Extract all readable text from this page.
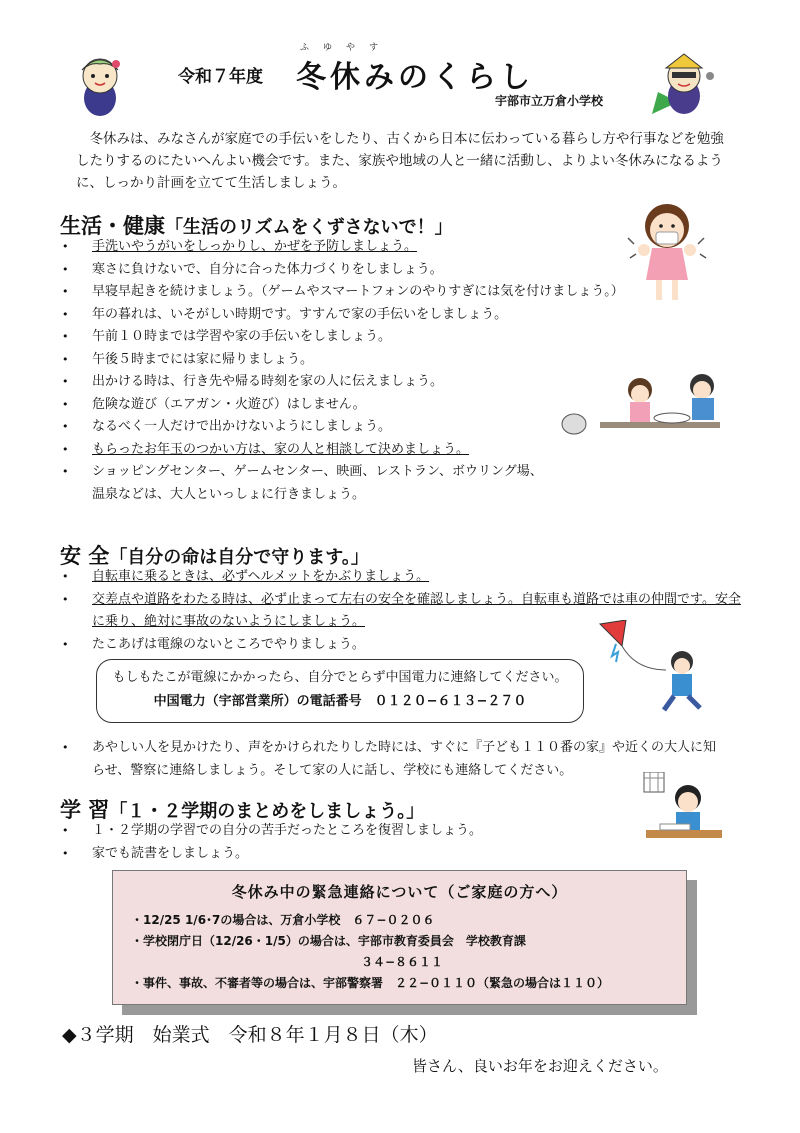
令和７年度
ふゆやす
冬休みのくらし
宇部市立万倉小学校
冬休みは、みなさんが家庭での手伝いをしたり、古くから日本に伝わっている暮らし方や行事などを勉強したりするのにたいへんよい機会です。また、家族や地域の人と一緒に活動し、よりよい冬休みになるように、しっかり計画を立てて生活しましょう。
生活・健康「生活のリズムをくずさないで！」
• 手洗いやうがいをしっかりし、かぜを予防しましょう。
• 寒さに負けないで、自分に合った体力づくりをしましょう。
• 早寝早起きを続けましょう。（ゲームやスマートフォンのやりすぎには気を付けましょう。）
• 年の暮れは、いそがしい時期です。すすんで家の手伝いをしましょう。
• 午前１０時までは学習や家の手伝いをしましょう。
• 午後５時までには家に帰りましょう。
• 出かける時は、行き先や帰る時刻を家の人に伝えましょう。
• 危険な遊び（エアガン・火遊び）はしません。
• なるべく一人だけで出かけないようにしましょう。
• もらったお年玉のつかい方は、家の人と相談して決めましょう。
• ショッピングセンター、ゲームセンター、映画、レストラン、ボウリング場、温泉などは、大人といっしょに行きましょう。
安 全「自分の命は自分で守ります。」
• 自転車に乗るときは、必ずヘルメットをかぶりましょう。
• 交差点や道路をわたる時は、必ず止まって左右の安全を確認しましょう。自転車も道路では車の仲間です。安全に乗り、絶対に事故のないようにしましょう。
• たこあげは電線のないところでやりましょう。
もしもたこが電線にかかったら、自分でとらず中国電力に連絡してください。
中国電力（宇部営業所）の電話番号　０１２０−６１３−２７０
• あやしい人を見かけたり、声をかけられたりした時には、すぐに『子ども１１０番の家』や近くの大人に知らせ、警察に連絡しましょう。そして家の人に話し、学校にも連絡してください。
学 習「１・２学期のまとめをしましょう。」
• １・２学期の学習での自分の苦手だったところを復習しましょう。
• 家でも読書をしましょう。
冬休み中の緊急連絡について（ご家庭の方へ）
・12/25 1/6･7の場合は、万倉小学校　６７−０２０６
・学校閉庁日（12/26・1/5）の場合は、宇部市教育委員会　学校教育課
３４−８６１１
・事件、事故、不審者等の場合は、宇部警察署　２２−０１１０（緊急の場合は１１０）
◆３学期　始業式　令和８年１月８日（木）
皆さん、良いお年をお迎えください。
